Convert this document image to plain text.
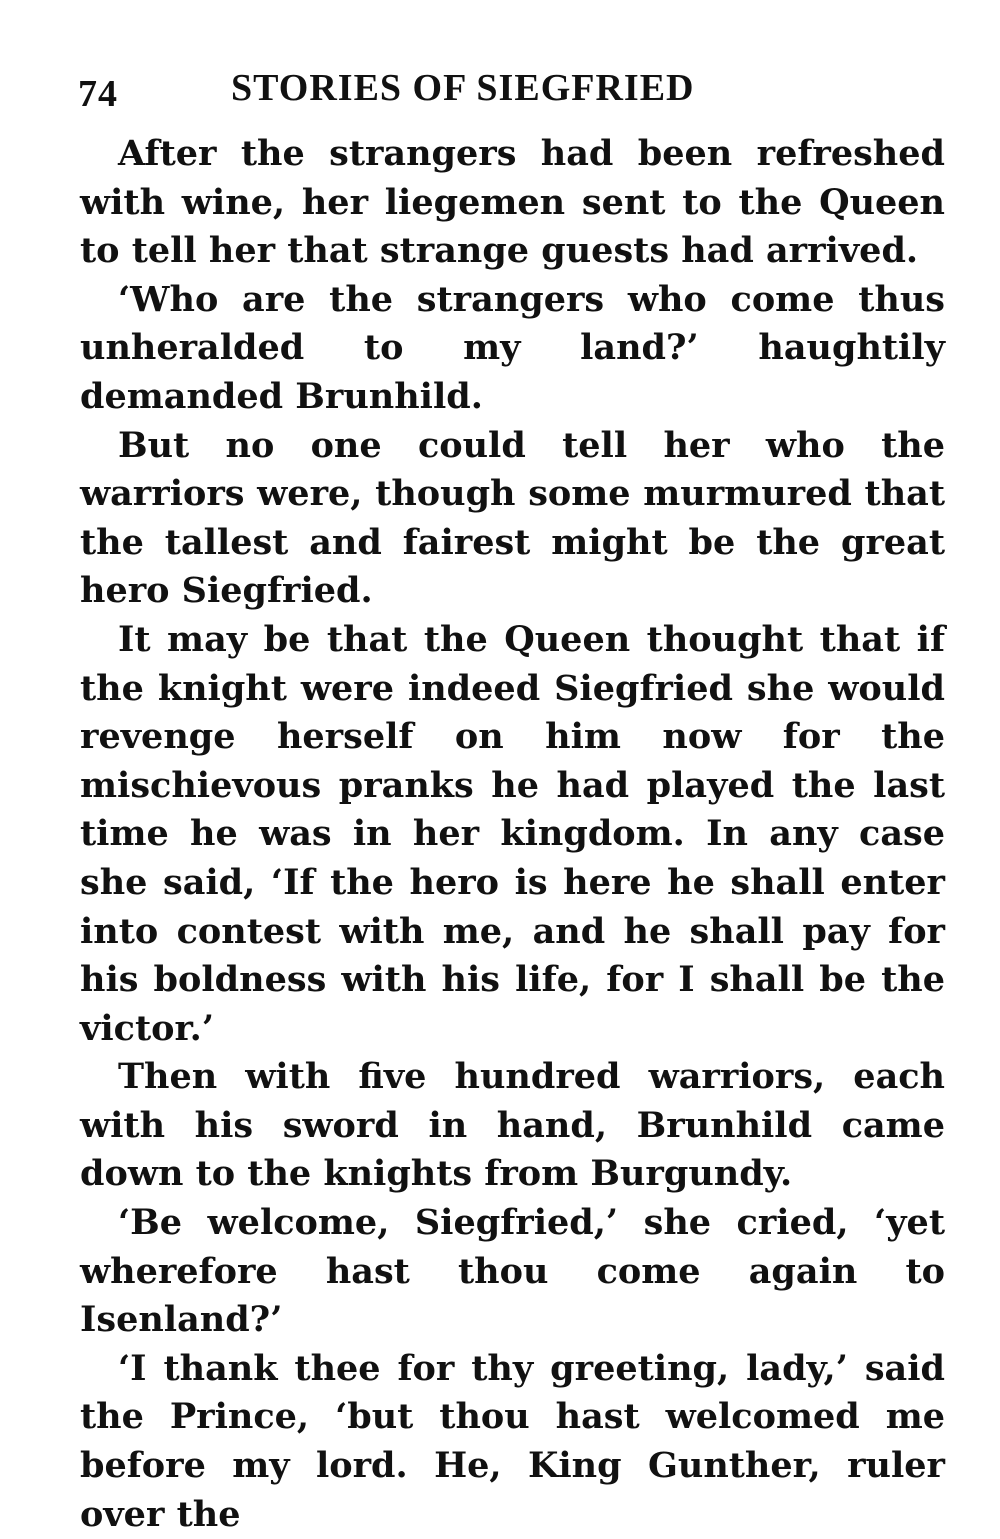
74	STORIES OF SIEGFRIED

After the strangers had been refreshed with wine, her liegemen sent to the Queen to tell her that strange guests had arrived.

‘Who are the strangers who come thus unheralded to my land?’ haughtily demanded Brunhild.

But no one could tell her who the warriors were, though some murmured that the tallest and fairest might be the great hero Siegfried.

It may be that the Queen thought that if the knight were indeed Siegfried she would revenge herself on him now for the mischievous pranks he had played the last time he was in her kingdom. In any case she said, ‘If the hero is here he shall enter into contest with me, and he shall pay for his boldness with his life, for I shall be the victor.’

Then with five hundred warriors, each with his sword in hand, Brunhild came down to the knights from Burgundy.

‘Be welcome, Siegfried,’ she cried, ‘yet wherefore hast thou come again to Isenland?’

‘I thank thee for thy greeting, lady,’ said the Prince, ‘but thou hast welcomed me before my lord. He, King Gunther, ruler over the
